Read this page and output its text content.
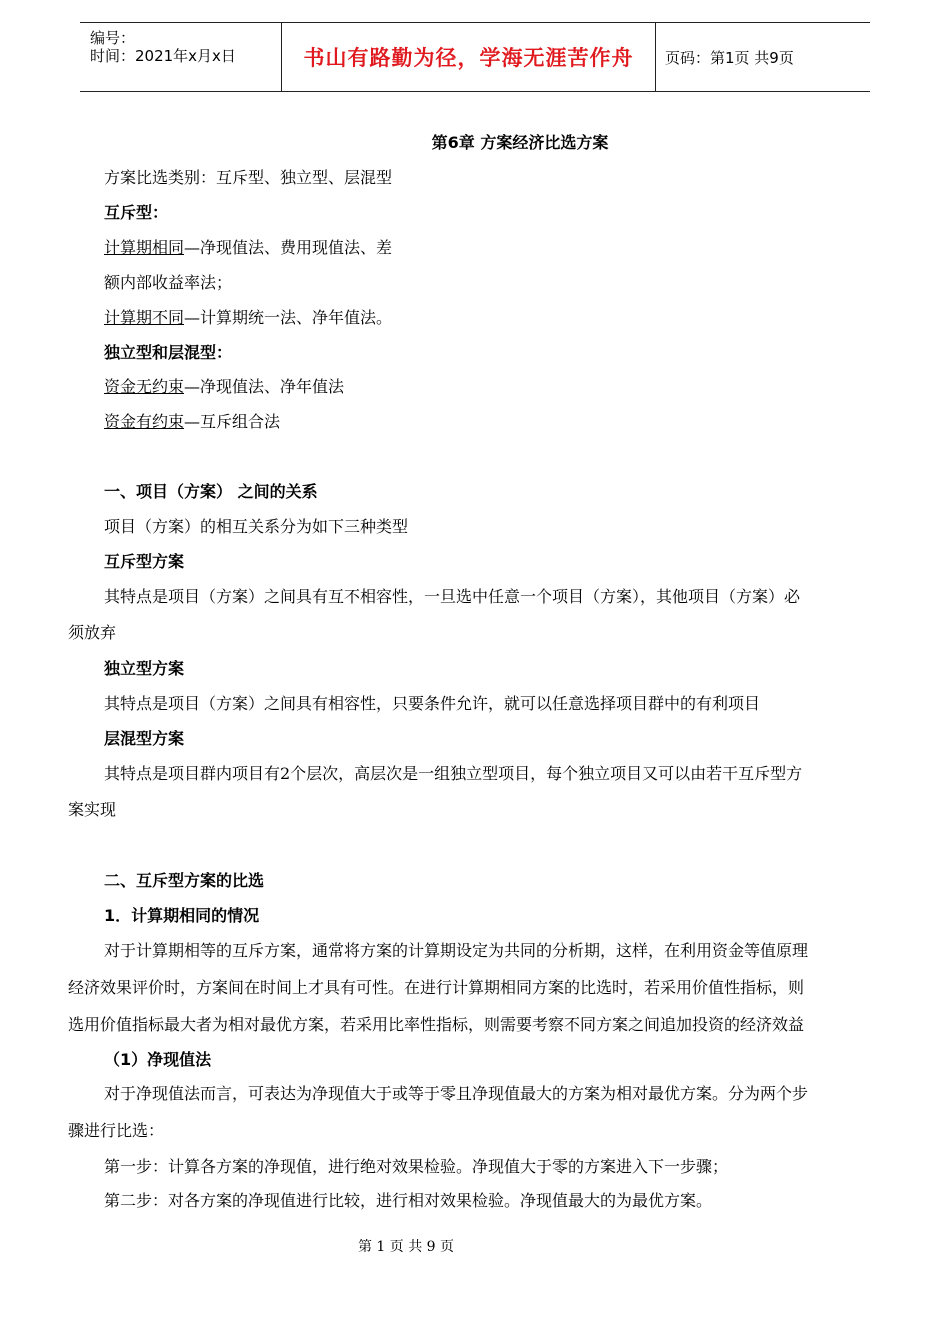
编号：
时间：2021年x月x日	书山有路勤为径，学海无涯苦作舟 页码：第1页 共9页
第6章 方案经济比选方案
方案比选类别：互斥型、独立型、层混型
互斥型：
计算期相同—净现值法、费用现值法、差
额内部收益率法；
计算期不同—计算期统一法、净年值法。
独立型和层混型：
资金无约束—净现值法、净年值法
资金有约束—互斥组合法
一、项目（方案） 之间的关系
项目（方案）的相互关系分为如下三种类型
互斥型方案
其特点是项目（方案）之间具有互不相容性，一旦选中任意一个项目（方案），其他项目（方案）必
须放弃
独立型方案
其特点是项目（方案）之间具有相容性，只要条件允许，就可以任意选择项目群中的有利项目
层混型方案
其特点是项目群内项目有2个层次，高层次是一组独立型项目，每个独立项目又可以由若干互斥型方
案实现
二、互斥型方案的比选
1．计算期相同的情况
对于计算期相等的互斥方案，通常将方案的计算期设定为共同的分析期，这样，在利用资金等值原理
经济效果评价时，方案间在时间上才具有可性。在进行计算期相同方案的比选时，若采用价值性指标，则
选用价值指标最大者为相对最优方案，若采用比率性指标，则需要考察不同方案之间追加投资的经济效益
（1）净现值法
对于净现值法而言，可表达为净现值大于或等于零且净现值最大的方案为相对最优方案。分为两个步
骤进行比选：
第一步：计算各方案的净现值，进行绝对效果检验。净现值大于零的方案进入下一步骤；
第二步：对各方案的净现值进行比较，进行相对效果检验。净现值最大的为最优方案。
第 1 页 共 9 页
